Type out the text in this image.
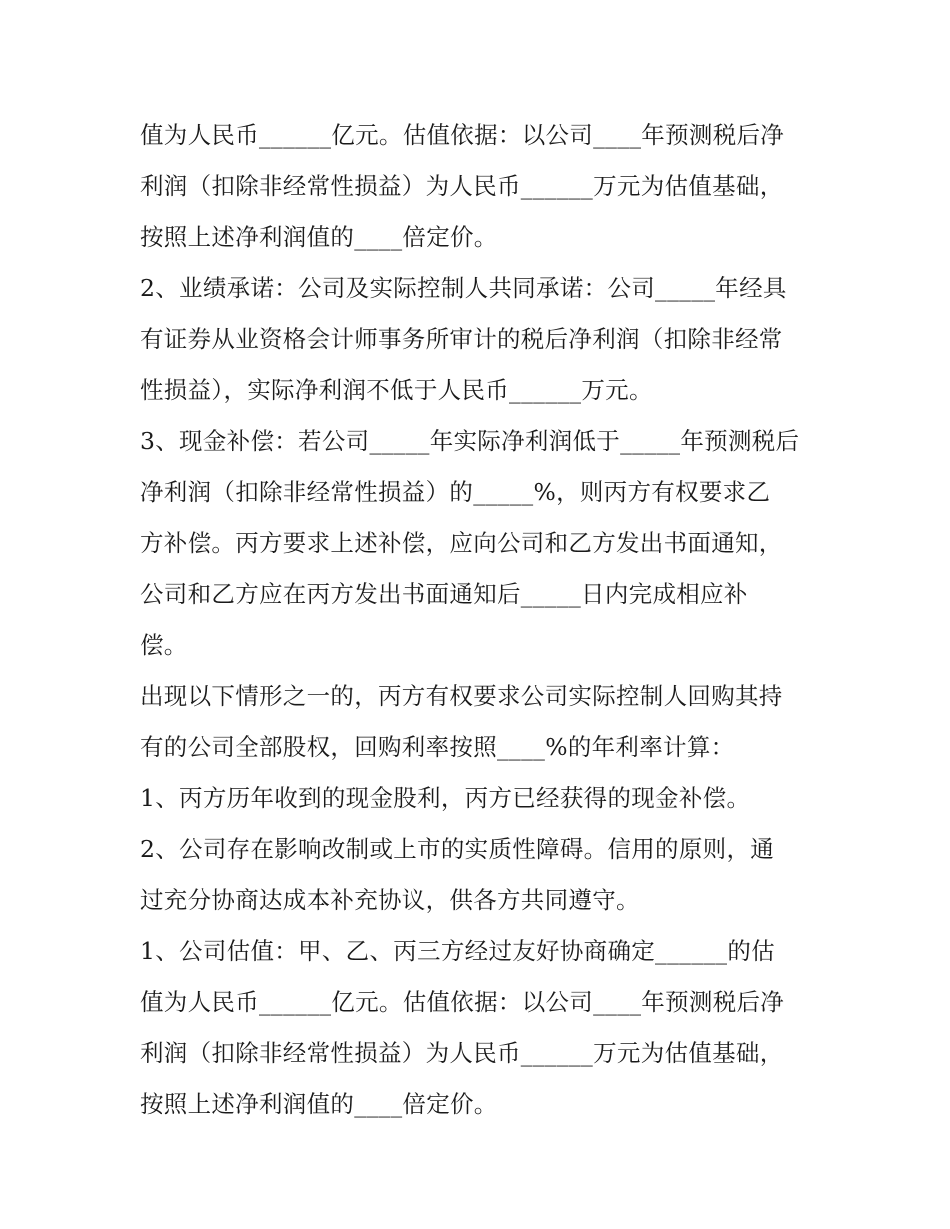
值为人民币______亿元。估值依据：以公司____年预测税后净
利润（扣除非经常性损益）为人民币______万元为估值基础，
按照上述净利润值的____倍定价。
2、业绩承诺：公司及实际控制人共同承诺：公司_____年经具
有证券从业资格会计师事务所审计的税后净利润（扣除非经常
性损益），实际净利润不低于人民币______万元。
3、现金补偿：若公司_____年实际净利润低于_____年预测税后
净利润（扣除非经常性损益）的_____%，则丙方有权要求乙
方补偿。丙方要求上述补偿，应向公司和乙方发出书面通知，
公司和乙方应在丙方发出书面通知后_____日内完成相应补
偿。
出现以下情形之一的，丙方有权要求公司实际控制人回购其持
有的公司全部股权，回购利率按照____%的年利率计算：
1、丙方历年收到的现金股利，丙方已经获得的现金补偿。
2、公司存在影响改制或上市的实质性障碍。信用的原则，通
过充分协商达成本补充协议，供各方共同遵守。
1、公司估值：甲、乙、丙三方经过友好协商确定______的估
值为人民币______亿元。估值依据：以公司____年预测税后净
利润（扣除非经常性损益）为人民币______万元为估值基础，
按照上述净利润值的____倍定价。
